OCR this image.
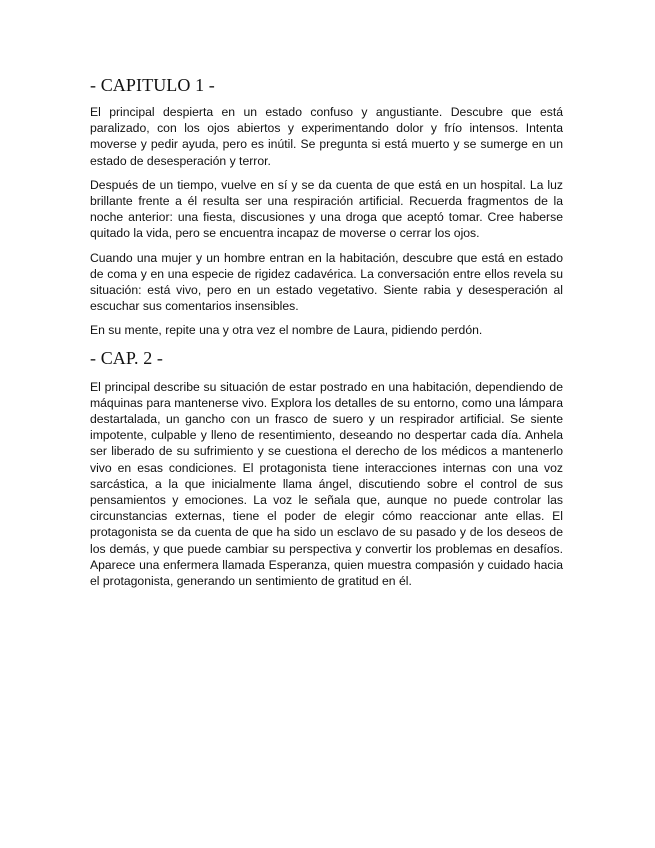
- CAPITULO 1 -

El principal despierta en un estado confuso y angustiante. Descubre que está paralizado, con los ojos abiertos y experimentando dolor y frío intensos. Intenta moverse y pedir ayuda, pero es inútil. Se pregunta si está muerto y se sumerge en un estado de desesperación y terror.

Después de un tiempo, vuelve en sí y se da cuenta de que está en un hospital. La luz brillante frente a él resulta ser una respiración artificial. Recuerda fragmentos de la noche anterior: una fiesta, discusiones y una droga que aceptó tomar. Cree haberse quitado la vida, pero se encuentra incapaz de moverse o cerrar los ojos.

Cuando una mujer y un hombre entran en la habitación, descubre que está en estado de coma y en una especie de rigidez cadavérica. La conversación entre ellos revela su situación: está vivo, pero en un estado vegetativo. Siente rabia y desesperación al escuchar sus comentarios insensibles.

En su mente, repite una y otra vez el nombre de Laura, pidiendo perdón.

- CAP. 2 -

El principal describe su situación de estar postrado en una habitación, dependiendo de máquinas para mantenerse vivo. Explora los detalles de su entorno, como una lámpara destartalada, un gancho con un frasco de suero y un respirador artificial. Se siente impotente, culpable y lleno de resentimiento, deseando no despertar cada día. Anhela ser liberado de su sufrimiento y se cuestiona el derecho de los médicos a mantenerlo vivo en esas condiciones. El protagonista tiene interacciones internas con una voz sarcástica, a la que inicialmente llama ángel, discutiendo sobre el control de sus pensamientos y emociones. La voz le señala que, aunque no puede controlar las circunstancias externas, tiene el poder de elegir cómo reaccionar ante ellas. El protagonista se da cuenta de que ha sido un esclavo de su pasado y de los deseos de los demás, y que puede cambiar su perspectiva y convertir los problemas en desafíos. Aparece una enfermera llamada Esperanza, quien muestra compasión y cuidado hacia el protagonista, generando un sentimiento de gratitud en él.
